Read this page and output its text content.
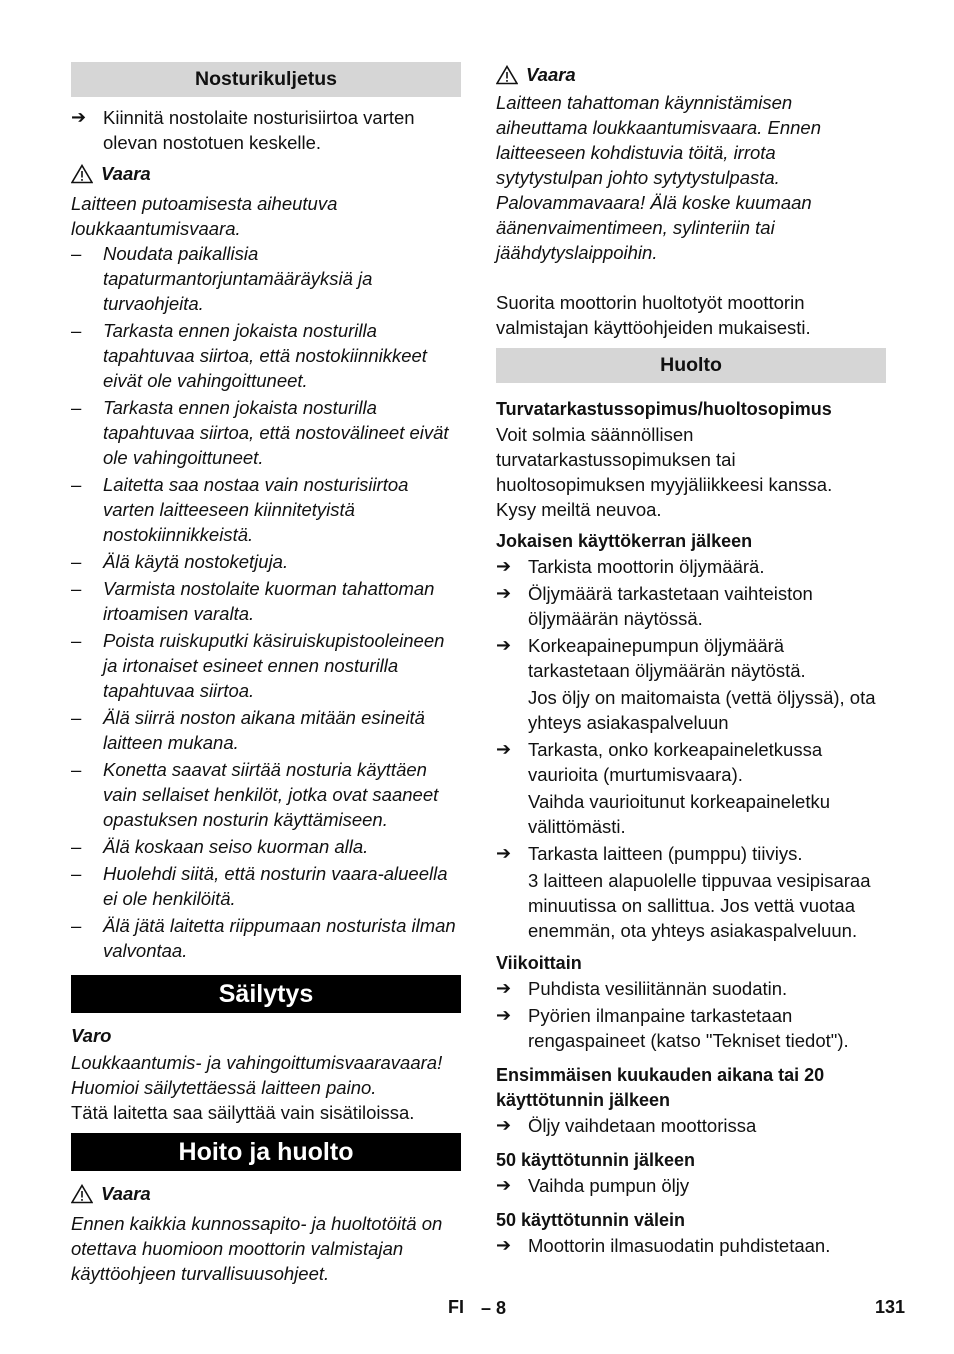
Nosturikuljetus
➔ Kiinnitä nostolaite nosturisiirtoa varten olevan nostotuen keskelle.
Vaara

Laitteen putoamisesta aiheutuva loukkaantumisvaara.

– Noudata paikallisia tapaturmantorjuntamääräyksiä ja turvaohjeita.
– Tarkasta ennen jokaista nosturilla tapahtuvaa siirtoa, että nostokiinnikkeet eivät ole vahingoittuneet.
– Tarkasta ennen jokaista nosturilla tapahtuvaa siirtoa, että nostovälineet eivät ole vahingoittuneet.
– Laitetta saa nostaa vain nosturisiirtoa varten laitteeseen kiinnitetyistä nostokiinnikkeistä.
– Älä käytä nostoketjuja.
– Varmista nostolaite kuorman tahattoman irtoamisen varalta.
– Poista ruiskuputki käsiruiskupistooleineen ja irtonaiset esineet ennen nosturilla tapahtuvaa siirtoa.
– Älä siirrä noston aikana mitään esineitä laitteen mukana.
– Konetta saavat siirtää nosturia käyttäen vain sellaiset henkilöt, jotka ovat saaneet opastuksen nosturin käyttämiseen.
– Älä koskaan seiso kuorman alla.
– Huolehdi siitä, että nosturin vaara-alueella ei ole henkilöitä.
– Älä jätä laitetta riippumaan nosturista ilman valvontaa.
Säilytys

Varo

Loukkaantumis- ja vahingoittumisvaaravaara! Huomioi säilytettäessä laitteen paino.

Tätä laitetta saa säilyttää vain sisätiloissa.

Hoito ja huolto
Vaara

Ennen kaikkia kunnossapito- ja huoltotöitä on otettava huomioon moottorin valmistajan käyttöohjeen turvallisuusohjeet.

Vaara

Laitteen tahattoman käynnistämisen aiheuttama loukkaantumisvaara. Ennen laitteeseen kohdistuvia töitä, irrota sytytystulpan johto sytytystulpasta.

Palovammavaara! Älä koske kuumaan äänenvaimentimeen, sylinteriin tai jäähdytyslaippoihin.

Suorita moottorin huoltotyöt moottorin valmistajan käyttöohjeiden mukaisesti.

Huolto

Turvatarkastussopimus/huoltosopimus

Voit solmia säännöllisen turvatarkastussopimuksen tai huoltosopimuksen myyjäliikkeesi kanssa.

Kysy meiltä neuvoa.

Jokaisen käyttökerran jälkeen

➔ Tarkista moottorin öljymäärä.
➔ Öljymäärä tarkastetaan vaihteiston öljymäärän näytössä.
➔ Korkeapainepumpun öljymäärä tarkastetaan öljymäärän näytöstä.
Jos öljy on maitomaista (vettä öljyssä), ota yhteys asiakaspalveluun
➔ Tarkasta, onko korkeapaineletkussa vaurioita (murtumisvaara).
Vaihda vaurioitunut korkeapaineletku välittömästi.
➔ Tarkasta laitteen (pumppu) tiiviys.
3 laitteen alapuolelle tippuvaa vesipisaraa minuutissa on sallittua. Jos vettä vuotaa enemmän, ota yhteys asiakaspalveluun.

Viikoittain

➔ Puhdista vesiliitännän suodatin.
➔ Pyörien ilmanpaine tarkastetaan rengaspaineet (katso "Tekniset tiedot").

Ensimmäisen kuukauden aikana tai 20 käyttötunnin jälkeen

➔ Öljy vaihdetaan moottorissa

50 käyttötunnin jälkeen

➔ Vaihda pumpun öljy

50 käyttötunnin välein

➔ Moottorin ilmasuodatin puhdistetaan.
FI – 8	131
